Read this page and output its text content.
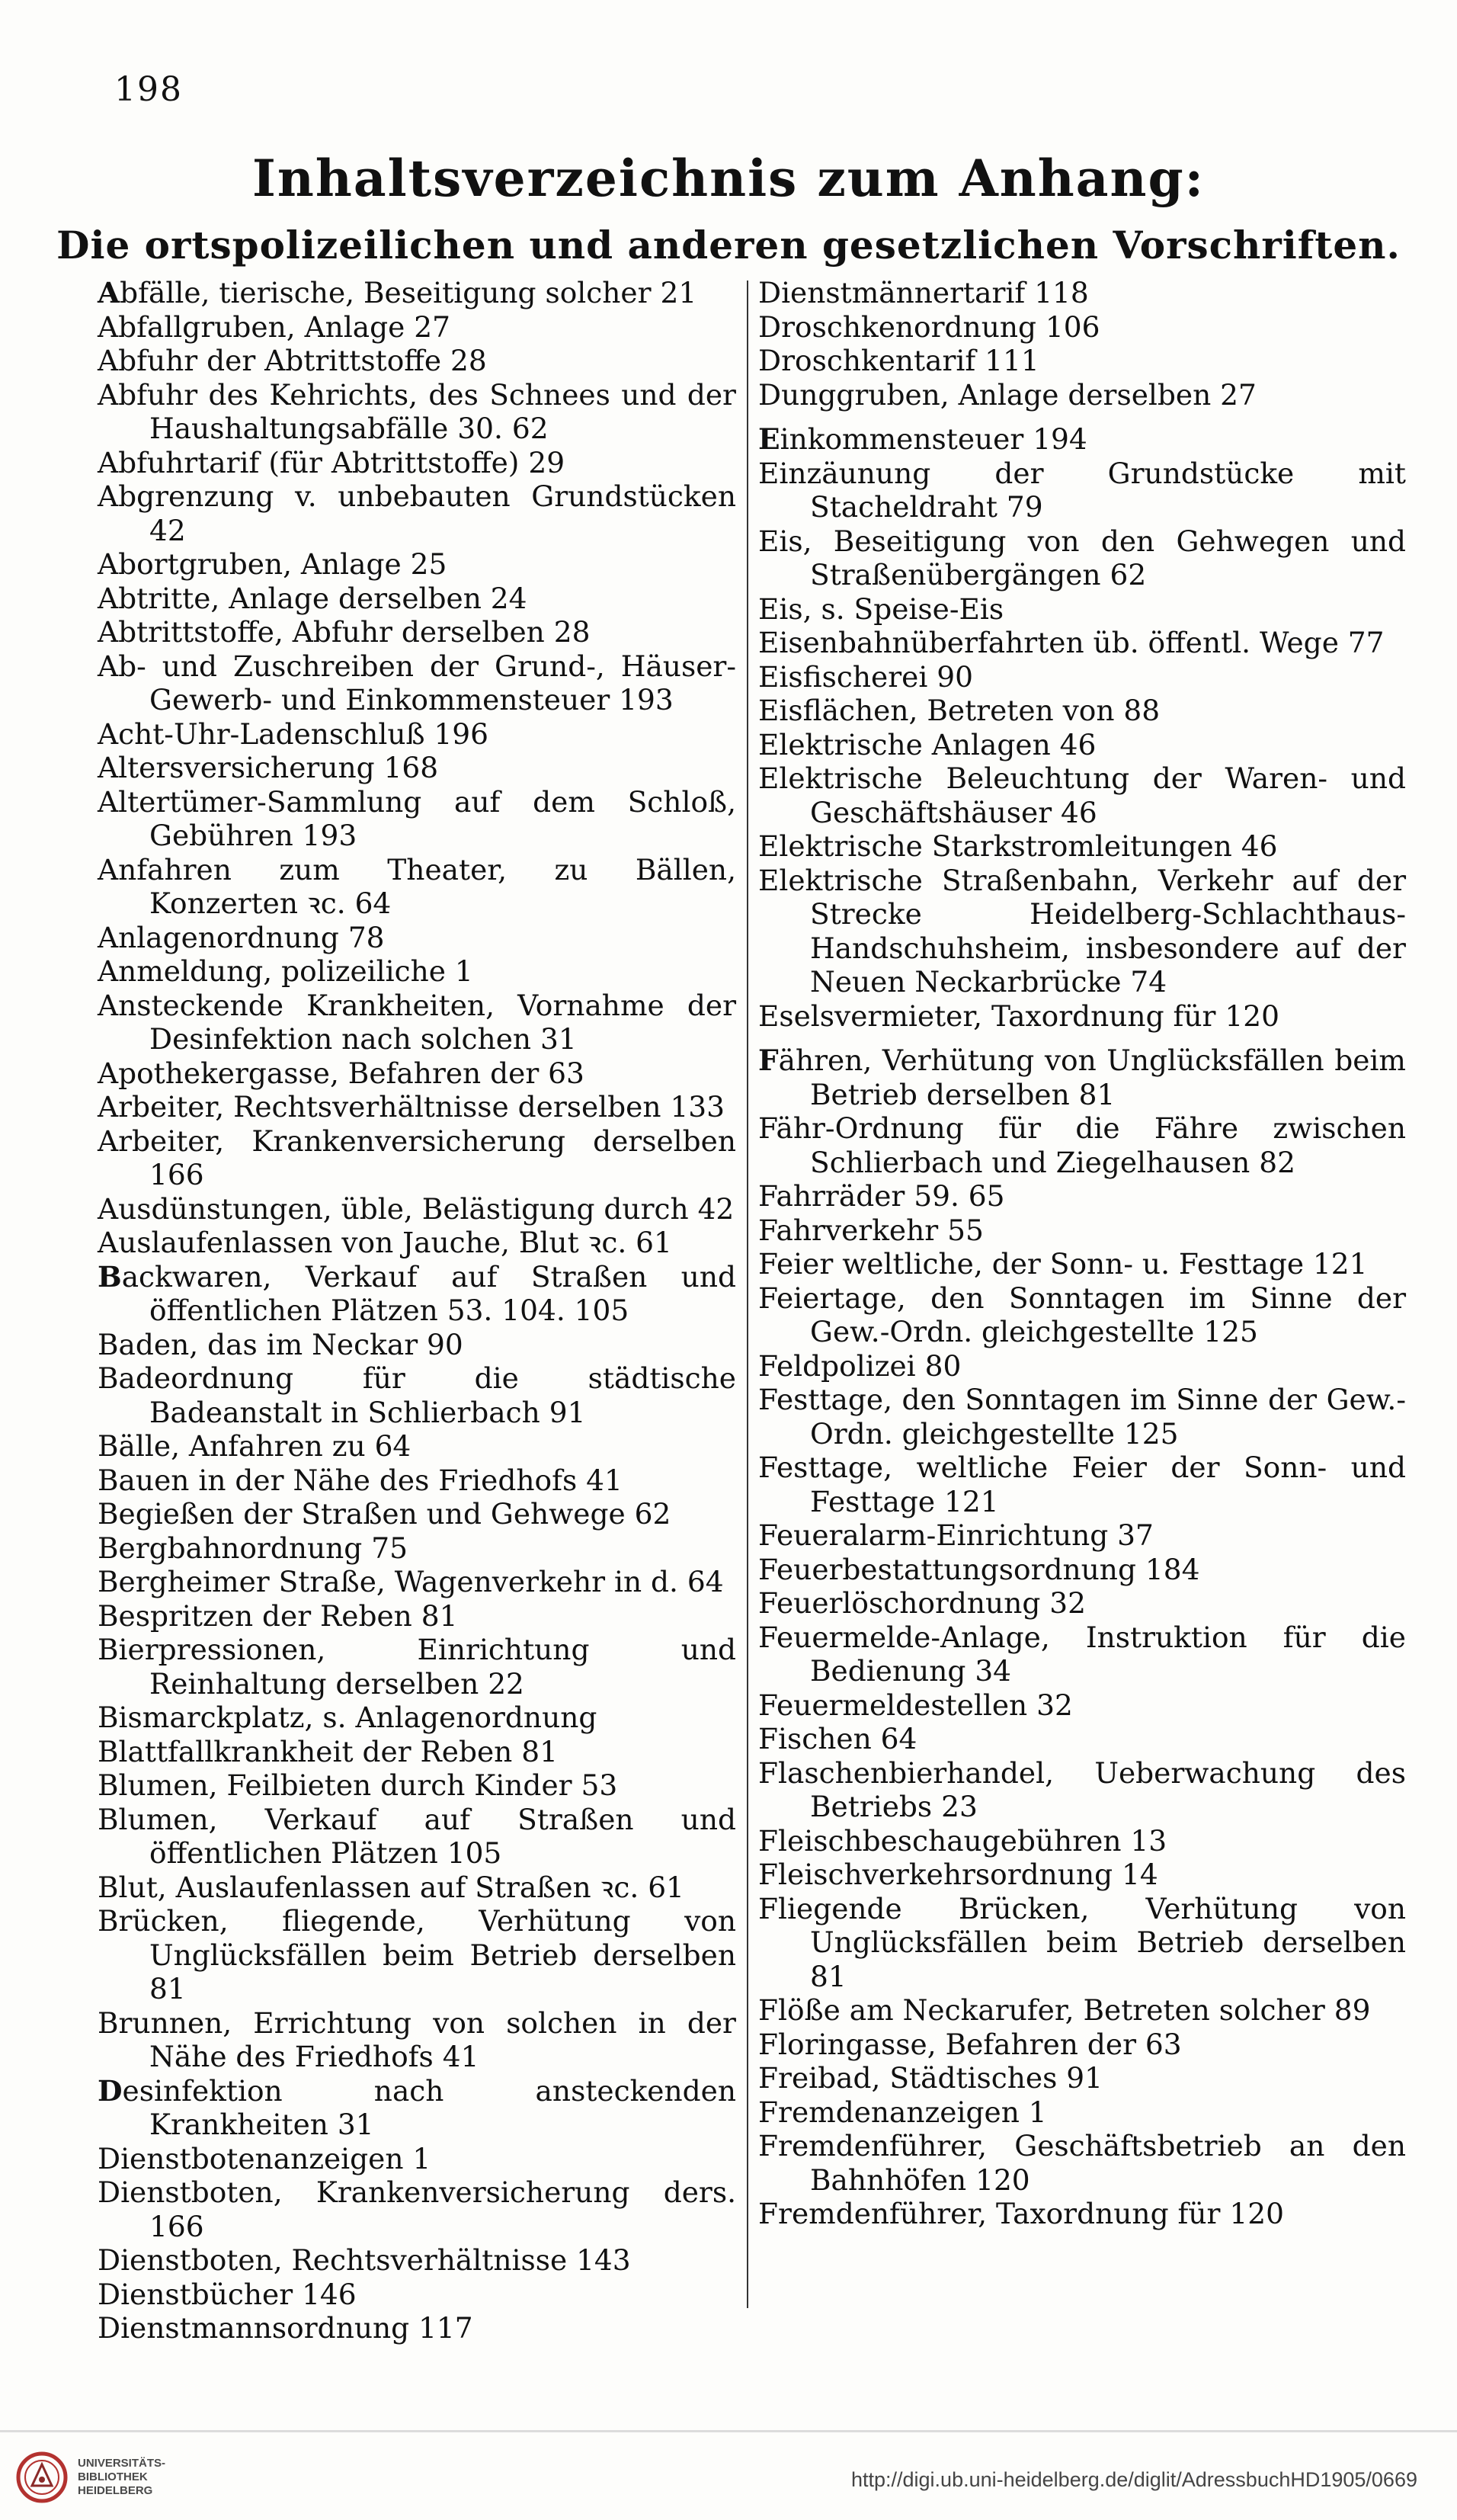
198
Inhaltsverzeichnis zum Anhang:
Die ortspolizeilichen und anderen gesetzlichen Vorschriften.
Abfälle, tierische, Beseitigung solcher 21
Abfallgruben, Anlage 27
Abfuhr der Abtrittstoffe 28
Abfuhr des Kehrichts, des Schnees und der Haushaltungsabfälle 30. 62
Abfuhrtarif (für Abtrittstoffe) 29
Abgrenzung v. unbebauten Grundstücken 42
Abortgruben, Anlage 25
Abtritte, Anlage derselben 24
Abtrittstoffe, Abfuhr derselben 28
Ab- und Zuschreiben der Grund-, Häuser-Gewerb- und Einkommensteuer 193
Acht-Uhr-Ladenschluß 196
Altersversicherung 168
Altertümer-Sammlung auf dem Schloß, Gebühren 193
Anfahren zum Theater, zu Bällen, Konzerten ꝛc. 64
Anlagenordnung 78
Anmeldung, polizeiliche 1
Ansteckende Krankheiten, Vornahme der Desinfektion nach solchen 31
Apothekergasse, Befahren der 63
Arbeiter, Rechtsverhältnisse derselben 133
Arbeiter, Krankenversicherung derselben 166
Ausdünstungen, üble, Belästigung durch 42
Auslaufenlassen von Jauche, Blut ꝛc. 61
Backwaren, Verkauf auf Straßen und öffentlichen Plätzen 53. 104. 105
Baden, das im Neckar 90
Badeordnung für die städtische Badeanstalt in Schlierbach 91
Bälle, Anfahren zu 64
Bauen in der Nähe des Friedhofs 41
Begießen der Straßen und Gehwege 62
Bergbahnordnung 75
Bergheimer Straße, Wagenverkehr in d. 64
Bespritzen der Reben 81
Bierpressionen, Einrichtung und Reinhaltung derselben 22
Bismarckplatz, s. Anlagenordnung
Blattfallkrankheit der Reben 81
Blumen, Feilbieten durch Kinder 53
Blumen, Verkauf auf Straßen und öffentlichen Plätzen 105
Blut, Auslaufenlassen auf Straßen ꝛc. 61
Brücken, fliegende, Verhütung von Unglücksfällen beim Betrieb derselben 81
Brunnen, Errichtung von solchen in der Nähe des Friedhofs 41
Desinfektion nach ansteckenden Krankheiten 31
Dienstbotenanzeigen 1
Dienstboten, Krankenversicherung ders. 166
Dienstboten, Rechtsverhältnisse 143
Dienstbücher 146
Dienstmannsordnung 117
Dienstmännertarif 118
Droschkenordnung 106
Droschkentarif 111
Dunggruben, Anlage derselben 27
Einkommensteuer 194
Einzäunung der Grundstücke mit Stacheldraht 79
Eis, Beseitigung von den Gehwegen und Straßenübergängen 62
Eis, s. Speise-Eis
Eisenbahnüberfahrten üb. öffentl. Wege 77
Eisfischerei 90
Eisflächen, Betreten von 88
Elektrische Anlagen 46
Elektrische Beleuchtung der Waren- und Geschäftshäuser 46
Elektrische Starkstromleitungen 46
Elektrische Straßenbahn, Verkehr auf der Strecke Heidelberg-Schlachthaus-Handschuhsheim, insbesondere auf der Neuen Neckarbrücke 74
Eselsvermieter, Taxordnung für 120
Fähren, Verhütung von Unglücksfällen beim Betrieb derselben 81
Fähr-Ordnung für die Fähre zwischen Schlierbach und Ziegelhausen 82
Fahrräder 59. 65
Fahrverkehr 55
Feier weltliche, der Sonn- u. Festtage 121
Feiertage, den Sonntagen im Sinne der Gew.-Ordn. gleichgestellte 125
Feldpolizei 80
Festtage, den Sonntagen im Sinne der Gew.-Ordn. gleichgestellte 125
Festtage, weltliche Feier der Sonn- und Festtage 121
Feueralarm-Einrichtung 37
Feuerbestattungsordnung 184
Feuerlöschordnung 32
Feuermelde-Anlage, Instruktion für die Bedienung 34
Feuermeldestellen 32
Fischen 64
Flaschenbierhandel, Ueberwachung des Betriebs 23
Fleischbeschaugebühren 13
Fleischverkehrsordnung 14
Fliegende Brücken, Verhütung von Unglücksfällen beim Betrieb derselben 81
Flöße am Neckarufer, Betreten solcher 89
Floringasse, Befahren der 63
Freibad, Städtisches 91
Fremdenanzeigen 1
Fremdenführer, Geschäftsbetrieb an den Bahnhöfen 120
Fremdenführer, Taxordnung für 120
UNIVERSITÄTS-
BIBLIOTHEK
HEIDELBERG	http://digi.ub.uni-heidelberg.de/diglit/AdressbuchHD1905/0669
